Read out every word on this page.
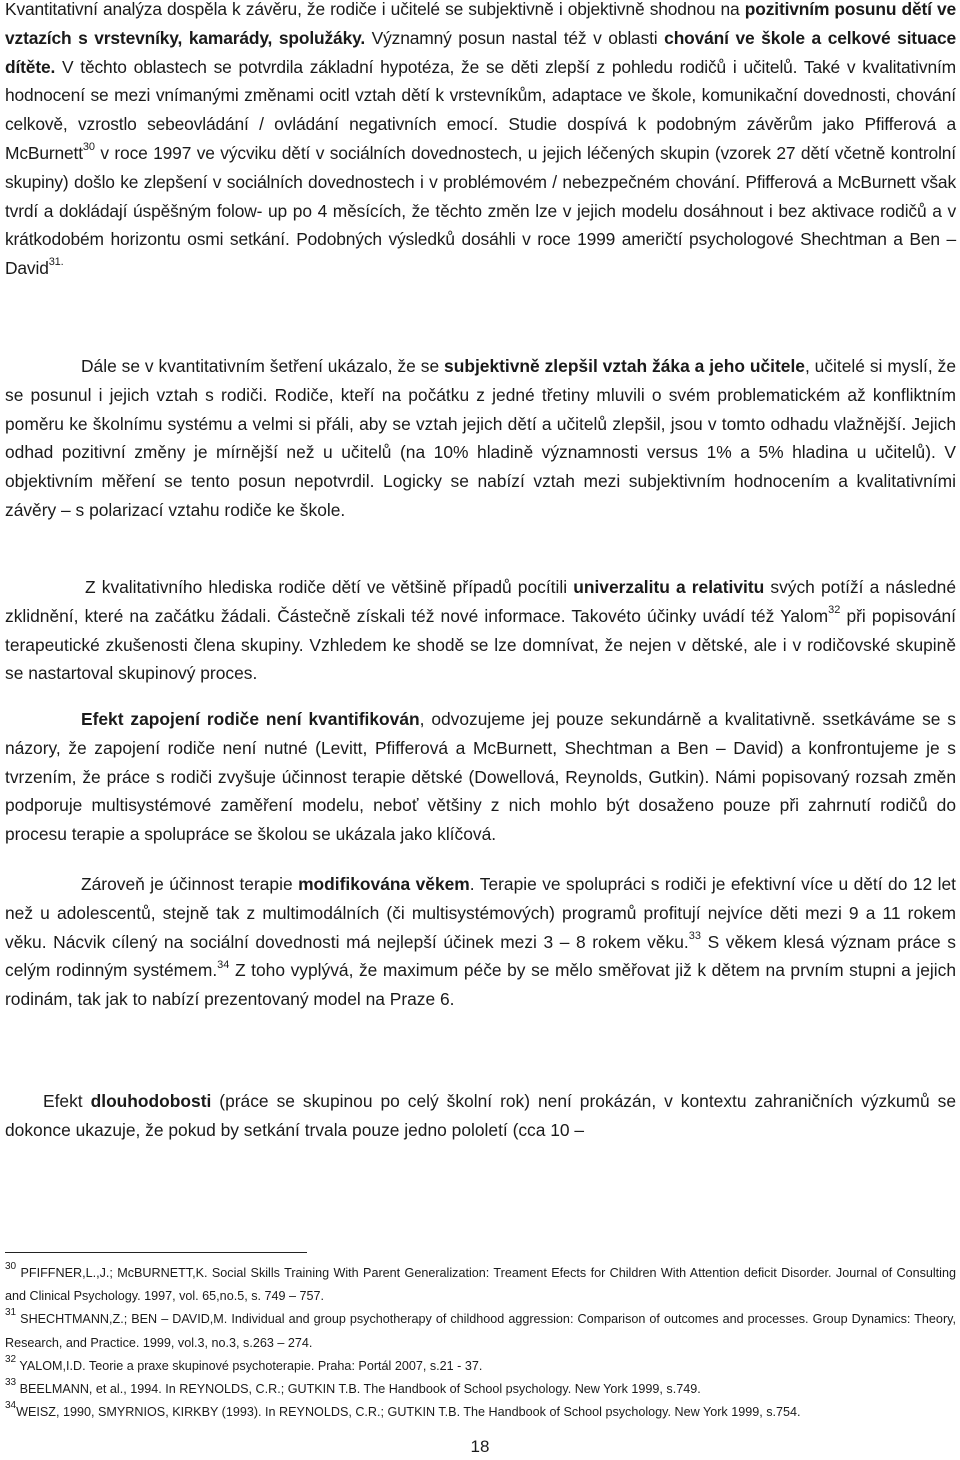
Kvantitativní analýza dospěla k závěru, že rodiče i učitelé se subjektivně i objektivně shodnou na pozitivním posunu dětí ve vztazích s vrstevníky, kamarády, spolužáky. Významný posun nastal též v oblasti chování ve škole a celkové situace dítěte. V těchto oblastech se potvrdila základní hypotéza, že se děti zlepší z pohledu rodičů i učitelů. Také v kvalitativním hodnocení se mezi vnímanými změnami ocitl vztah dětí k vrstevníkům, adaptace ve škole, komunikační dovednosti, chování celkově, vzrostlo sebeovládání / ovládání negativních emocí. Studie dospívá k podobným závěrům jako Pfifferová a McBurnett$^{30}$ v roce 1997 ve výcviku dětí v sociálních dovednostech, u jejich léčených skupin (vzorek 27 dětí včetně kontrolní skupiny) došlo ke zlepšení v sociálních dovednostech i v problémovém / nebezpečném chování. Pfifferová a McBurnett však tvrdí a dokládají úspěšným folow- up po 4 měsících, že těchto změn lze v jejich modelu dosáhnout i bez aktivace rodičů a v krátkodobém horizontu osmi setkání. Podobných výsledků dosáhli v roce 1999 američtí psychologové Shechtman a Ben – David$^{31.}$

Dále se v kvantitativním šetření ukázalo, že se subjektivně zlepšil vztah žáka a jeho učitele, učitelé si myslí, že se posunul i jejich vztah s rodiči. Rodiče, kteří na počátku z jedné třetiny mluvili o svém problematickém až konfliktním poměru ke školnímu systému a velmi si přáli, aby se vztah jejich dětí a učitelů zlepšil, jsou v tomto odhadu vlažnější. Jejich odhad pozitivní změny je mírnější než u učitelů (na 10% hladině významnosti versus 1% a 5% hladina u učitelů). V objektivním měření se tento posun nepotvrdil. Logicky se nabízí vztah mezi subjektivním hodnocením a kvalitativními závěry – s polarizací vztahu rodiče ke škole.

Z kvalitativního hlediska rodiče dětí ve většině případů pocítili univerzalitu a relativitu svých potíží a následné zklidnění, které na začátku žádali. Částečně získali též nové informace. Takovéto účinky uvádí též Yalom$^{32}$ při popisování terapeutické zkušenosti člena skupiny. Vzhledem ke shodě se lze domnívat, že nejen v dětské, ale i v rodičovské skupině se nastartoval skupinový proces.

Efekt zapojení rodiče není kvantifikován, odvozujeme jej pouze sekundárně a kvalitativně. ssetkáváme se s názory, že zapojení rodiče není nutné (Levitt, Pfifferová a McBurnett, Shechtman a Ben – David) a konfrontujeme je s tvrzením, že práce s rodiči zvyšuje účinnost terapie dětské (Dowellová, Reynolds, Gutkin). Námi popisovaný rozsah změn podporuje multisystémové zaměření modelu, neboť většiny z nich mohlo být dosaženo pouze při zahrnutí rodičů do procesu terapie a spolupráce se školou se ukázala jako klíčová.

Zároveň je účinnost terapie modifikována věkem. Terapie ve spolupráci s rodiči je efektivní více u dětí do 12 let než u adolescentů, stejně tak z multimodálních (či multisystémových) programů profitují nejvíce děti mezi 9 a 11 rokem věku. Nácvik cílený na sociální dovednosti má nejlepší účinek mezi 3 – 8 rokem věku.$^{33}$ S věkem klesá význam práce s celým rodinným systémem.$^{34}$ Z toho vyplývá, že maximum péče by se mělo směřovat již k dětem na prvním stupni a jejich rodinám, tak jak to nabízí prezentovaný model na Praze 6.

Efekt dlouhodobosti (práce se skupinou po celý školní rok) není prokázán, v kontextu zahraničních výzkumů se dokonce ukazuje, že pokud by setkání trvala pouze jedno pololetí (cca 10 –

$^{30}$ PFIFFNER,L.,J.; McBURNETT,K. Social Skills Training With Parent Generalization: Treament Efects for Children With Attention deficit Disorder. Journal of Consulting and Clinical Psychology. 1997, vol. 65,no.5, s. 749 – 757.
$^{31}$ SHECHTMANN,Z.; BEN – DAVID,M. Individual and group psychotherapy of childhood aggression: Comparison of outcomes and processes. Group Dynamics: Theory, Research, and Practice. 1999, vol.3, no.3, s.263 – 274.
$^{32}$ YALOM,I.D. Teorie a praxe skupinové psychoterapie. Praha: Portál 2007, s.21 - 37.
$^{33}$ BEELMANN, et al., 1994. In REYNOLDS, C.R.; GUTKIN T.B. The Handbook of School psychology. New York 1999, s.749.
$^{34}$WEISZ, 1990, SMYRNIOS, KIRKBY (1993). In REYNOLDS, C.R.; GUTKIN T.B. The Handbook of School psychology. New York 1999, s.754.
18
